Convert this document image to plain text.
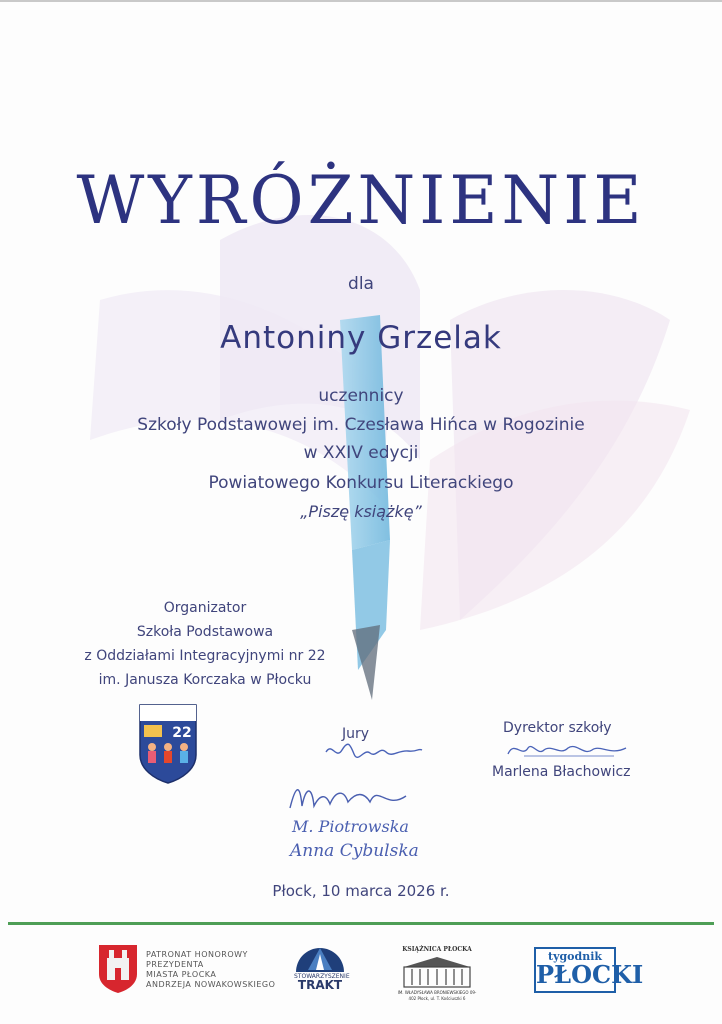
WYRÓŻNIENIE
dla
Antoniny Grzelak
uczennicy
Szkoły Podstawowej im. Czesława Hińca w Rogozinie
w XXIV edycji
Powiatowego Konkursu Literackiego
„Piszę książkę”
Organizator
Szkoła Podstawowa
z Oddziałami Integracyjnymi nr 22
im. Janusza Korczaka w Płocku
22	Jury	Dyrektor szkoły
Marlena Błachowicz
M. Piotrowska
Anna Cybulska
Płock, 10 marca 2026 r.
PATRONAT HONOROWY
PREZYDENTA
MIASTA PŁOCKA
ANDRZEJA NOWAKOWSKIEGO
STOWARZYSZENIE
TRAKT
KSIĄŻNICA PŁOCKA
IM. WŁADYSŁAWA BRONIEWSKIEGO 09-402 Płock, ul. T. Kościuszki 6
tygodnik
PŁOCKI
